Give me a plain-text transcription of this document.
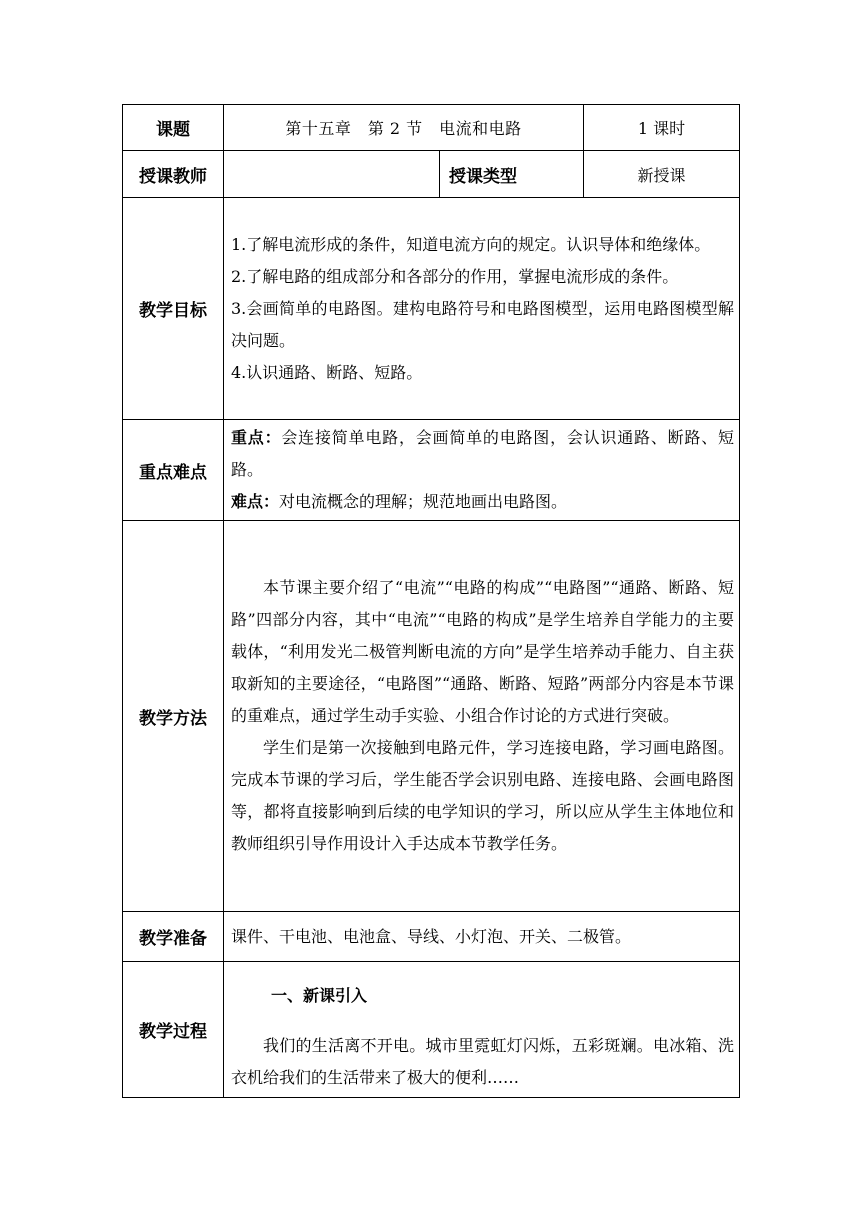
课题	第十五章　第 2 节　电流和电路		1 课时
授课教师		授课类型	新授课
教学目标	1.了解电流形成的条件，知道电流方向的规定。认识导体和绝缘体。

2.了解电路的组成部分和各部分的作用，掌握电流形成的条件。

3.会画简单的电路图。建构电路符号和电路图模型，运用电路图模型解决问题。

4.认识通路、断路、短路。		

重点难点	重点：会连接简单电路，会画简单的电路图，会认识通路、断路、短路。

难点：对电流概念的理解；规范地画出电路图。		

教学方法	本节课主要介绍了“电流”“电路的构成”“电路图”“通路、断路、短路”四部分内容，其中“电流”“电路的构成”是学生培养自学能力的主要载体，“利用发光二极管判断电流的方向”是学生培养动手能力、自主获取新知的主要途径，“电路图”“通路、断路、短路”两部分内容是本节课的重难点，通过学生动手实验、小组合作讨论的方式进行突破。

学生们是第一次接触到电路元件，学习连接电路，学习画电路图。完成本节课的学习后，学生能否学会识别电路、连接电路、会画电路图等，都将直接影响到后续的电学知识的学习，所以应从学生主体地位和教师组织引导作用设计入手达成本节教学任务。		

教学准备	课件、干电池、电池盒、导线、小灯泡、开关、二极管。		
教学过程	一、新课引入

我们的生活离不开电。城市里霓虹灯闪烁，五彩斑斓。电冰箱、洗衣机给我们的生活带来了极大的便利……		
